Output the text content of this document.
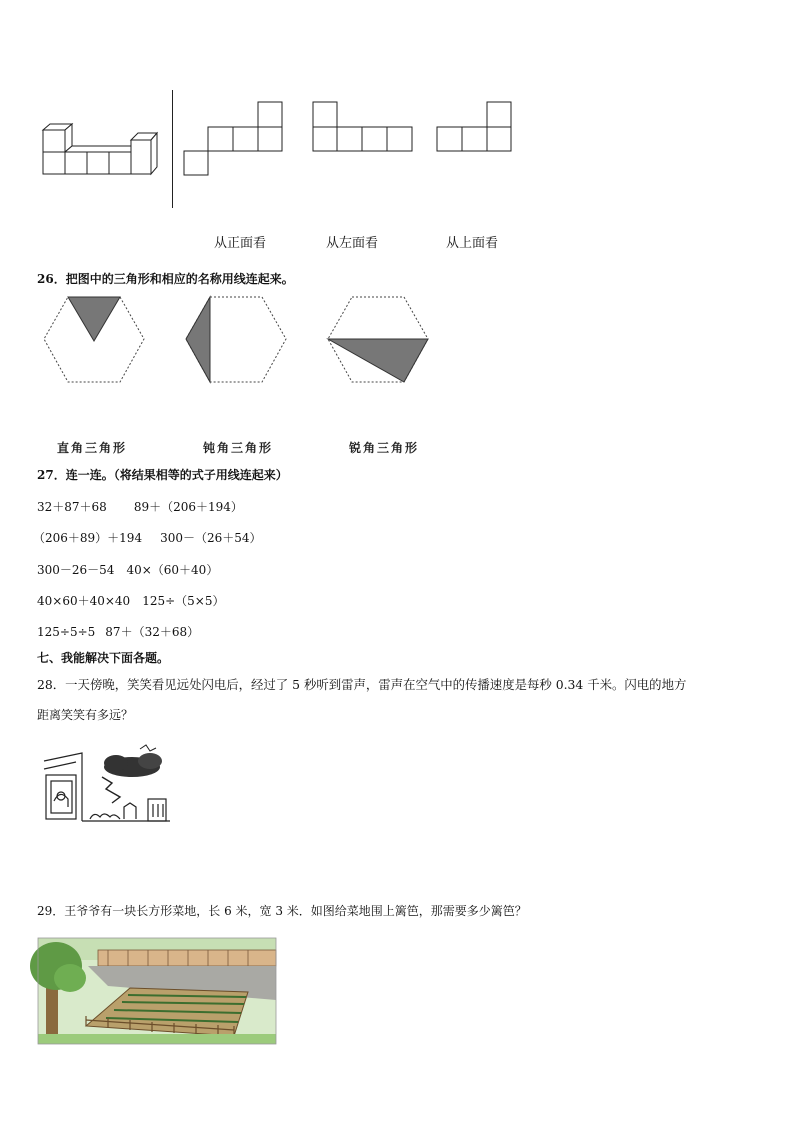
从正面看	从左面看	从上面看
26．把图中的三角形和相应的名称用线连起来。
直角三角形	钝角三角形	锐角三角形
27．连一连。（将结果相等的式子用线连起来）
32＋87＋68 89＋（206＋194）
（206＋89）＋194 300－（26＋54）
300－26－54 40×（60＋40）
40×60＋40×40 125÷（5×5）
125÷5÷5 87＋（32＋68）
七、我能解决下面各题。
28．一天傍晚，笑笑看见远处闪电后，经过了 5 秒听到雷声，雷声在空气中的传播速度是每秒 0.34 千米。闪电的地方
距离笑笑有多远？
29．王爷爷有一块长方形菜地，长 6 米，宽 3 米．如图给菜地围上篱笆，那需要多少篱笆？
